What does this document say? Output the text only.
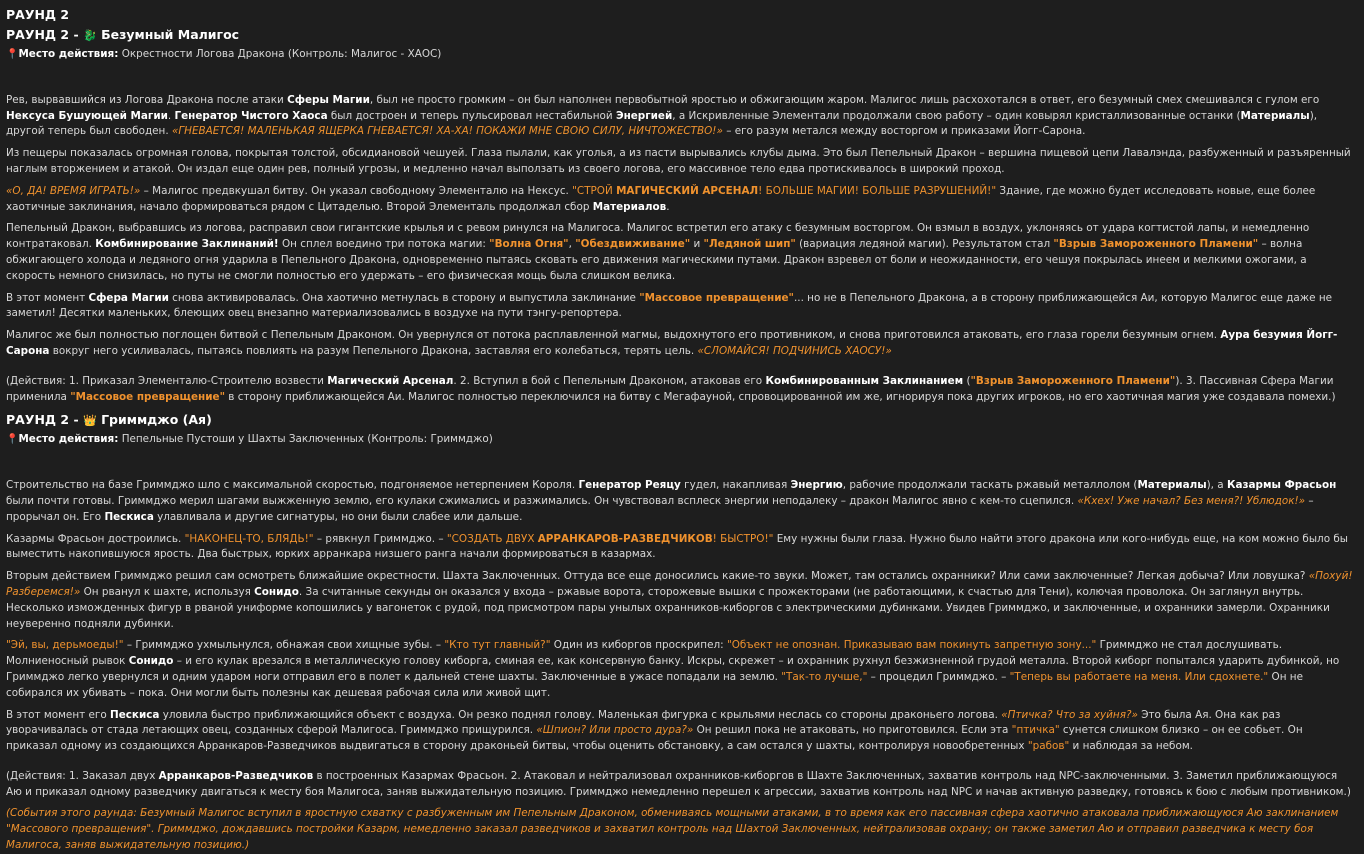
РАУНД 2
РАУНД 2 - 🐉 Безумный Малигос
📍Место действия: Окрестности Логова Дракона (Контроль: Малигос - ХАОС)

Рев, вырвавшийся из Логова Дракона после атаки Сферы Магии, был не просто громким – он был наполнен первобытной яростью и обжигающим жаром. Малигос лишь расхохотался в ответ, его безумный смех смешивался с гулом его Нексуса Бушующей Магии. Генератор Чистого Хаоса был достроен и теперь пульсировал нестабильной Энергией, а Искривленные Элементали продолжали свою работу – один ковырял кристаллизованные останки (Материалы), другой теперь был свободен. «ГНЕВАЕТСЯ! МАЛЕНЬКАЯ ЯЩЕРКА ГНЕВАЕТСЯ! ХА-ХА! ПОКАЖИ МНЕ СВОЮ СИЛУ, НИЧТОЖЕСТВО!» – его разум метался между восторгом и приказами Йогг-Сарона.

Из пещеры показалась огромная голова, покрытая толстой, обсидиановой чешуей. Глаза пылали, как уголья, а из пасти вырывались клубы дыма. Это был Пепельный Дракон – вершина пищевой цепи Лавалэнда, разбуженный и разъяренный наглым вторжением и атакой. Он издал еще один рев, полный угрозы, и медленно начал выползать из своего логова, его массивное тело едва протискивалось в широкий проход.

«О, ДА! ВРЕМЯ ИГРАТЬ!» – Малигос предвкушал битву. Он указал свободному Элементалю на Нексус. "СТРОЙ МАГИЧЕСКИЙ АРСЕНАЛ! БОЛЬШЕ МАГИИ! БОЛЬШЕ РАЗРУШЕНИЙ!" Здание, где можно будет исследовать новые, еще более хаотичные заклинания, начало формироваться рядом с Цитаделью. Второй Элементаль продолжал сбор Материалов.

Пепельный Дракон, выбравшись из логова, расправил свои гигантские крылья и с ревом ринулся на Малигоса. Малигос встретил его атаку с безумным восторгом. Он взмыл в воздух, уклоняясь от удара когтистой лапы, и немедленно контратаковал. Комбинирование Заклинаний! Он сплел воедино три потока магии: "Волна Огня", "Обездвиживание" и "Ледяной шип" (вариация ледяной магии). Результатом стал "Взрыв Замороженного Пламени" – волна обжигающего холода и ледяного огня ударила в Пепельного Дракона, одновременно пытаясь сковать его движения магическими путами. Дракон взревел от боли и неожиданности, его чешуя покрылась инеем и мелкими ожогами, а скорость немного снизилась, но путы не смогли полностью его удержать – его физическая мощь была слишком велика.

В этот момент Сфера Магии снова активировалась. Она хаотично метнулась в сторону и выпустила заклинание "Массовое превращение"... но не в Пепельного Дракона, а в сторону приближающейся Аи, которую Малигос еще даже не заметил! Десятки маленьких, блеющих овец внезапно материализовались в воздухе на пути тэнгу-репортера.

Малигос же был полностью поглощен битвой с Пепельным Драконом. Он увернулся от потока расплавленной магмы, выдохнутого его противником, и снова приготовился атаковать, его глаза горели безумным огнем. Аура безумия Йогг-Сарона вокруг него усиливалась, пытаясь повлиять на разум Пепельного Дракона, заставляя его колебаться, терять цель. «СЛОМАЙСЯ! ПОДЧИНИСЬ ХАОСУ!»

(Действия: 1. Приказал Элементалю-Строителю возвести Магический Арсенал. 2. Вступил в бой с Пепельным Драконом, атаковав его Комбинированным Заклинанием ("Взрыв Замороженного Пламени"). 3. Пассивная Сфера Магии применила "Массовое превращение" в сторону приближающейся Аи. Малигос полностью переключился на битву с Мегафауной, спровоцированной им же, игнорируя пока других игроков, но его хаотичная магия уже создавала помехи.)

РАУНД 2 - 👑 Гриммджо (Ая)
📍Место действия: Пепельные Пустоши у Шахты Заключенных (Контроль: Гриммджо)

Строительство на базе Гриммджо шло с максимальной скоростью, подгоняемое нетерпением Короля. Генератор Реяцу гудел, накапливая Энергию, рабочие продолжали таскать ржавый металлолом (Материалы), а Казармы Фрасьон были почти готовы. Гриммджо мерил шагами выжженную землю, его кулаки сжимались и разжимались. Он чувствовал всплеск энергии неподалеку – дракон Малигос явно с кем-то сцепился. «Кхех! Уже начал? Без меня?! Ублюдок!» – прорычал он. Его Пескиса улавливала и другие сигнатуры, но они были слабее или дальше.

Казармы Фрасьон достроились. "НАКОНЕЦ-ТО, БЛЯДЬ!" – рявкнул Гриммджо. – "СОЗДАТЬ ДВУХ АРРАНКАРОВ-РАЗВЕДЧИКОВ! БЫСТРО!" Ему нужны были глаза. Нужно было найти этого дракона или кого-нибудь еще, на ком можно было бы выместить накопившуюся ярость. Два быстрых, юрких арранкара низшего ранга начали формироваться в казармах.

Вторым действием Гриммджо решил сам осмотреть ближайшие окрестности. Шахта Заключенных. Оттуда все еще доносились какие-то звуки. Может, там остались охранники? Или сами заключенные? Легкая добыча? Или ловушка? «Похуй! Разберемся!» Он рванул к шахте, используя Сонидо. За считанные секунды он оказался у входа – ржавые ворота, сторожевые вышки с прожекторами (не работающими, к счастью для Тени), колючая проволока. Он заглянул внутрь. Несколько изможденных фигур в рваной униформе копошились у вагонеток с рудой, под присмотром пары унылых охранников-киборгов с электрическими дубинками. Увидев Гриммджо, и заключенные, и охранники замерли. Охранники неуверенно подняли дубинки.

"Эй, вы, дерьмоеды!" – Гриммджо ухмыльнулся, обнажая свои хищные зубы. – "Кто тут главный?" Один из киборгов проскрипел: "Объект не опознан. Приказываю вам покинуть запретную зону..." Гриммджо не стал дослушивать. Молниеносный рывок Сонидо – и его кулак врезался в металлическую голову киборга, сминая ее, как консервную банку. Искры, скрежет – и охранник рухнул безжизненной грудой металла. Второй киборг попытался ударить дубинкой, но Гриммджо легко увернулся и одним ударом ноги отправил его в полет к дальней стене шахты. Заключенные в ужасе попадали на землю. "Так-то лучше," – процедил Гриммджо. – "Теперь вы работаете на меня. Или сдохнете." Он не собирался их убивать – пока. Они могли быть полезны как дешевая рабочая сила или живой щит.

В этот момент его Пескиса уловила быстро приближающийся объект с воздуха. Он резко поднял голову. Маленькая фигурка с крыльями неслась со стороны драконьего логова. «Птичка? Что за хуйня?» Это была Ая. Она как раз уворачивалась от стада летающих овец, созданных сферой Малигоса. Гриммджо прищурился. «Шпион? Или просто дура?» Он решил пока не атаковать, но приготовился. Если эта "птичка" сунется слишком близко – он ее собьет. Он приказал одному из создающихся Арранкаров-Разведчиков выдвигаться в сторону драконьей битвы, чтобы оценить обстановку, а сам остался у шахты, контролируя новообретенных "рабов" и наблюдая за небом.

(Действия: 1. Заказал двух Арранкаров-Разведчиков в построенных Казармах Фрасьон. 2. Атаковал и нейтрализовал охранников-киборгов в Шахте Заключенных, захватив контроль над NPC-заключенными. 3. Заметил приближающуюся Аю и приказал одному разведчику двигаться к месту боя Малигоса, заняв выжидательную позицию. Гриммджо немедленно перешел к агрессии, захватив контроль над NPC и начав активную разведку, готовясь к бою с любым противником.)

(События этого раунда: Безумный Малигос вступил в яростную схватку с разбуженным им Пепельным Драконом, обмениваясь мощными атаками, в то время как его пассивная сфера хаотично атаковала приближающуюся Аю заклинанием "Массового превращения". Гриммджо, дождавшись постройки Казарм, немедленно заказал разведчиков и захватил контроль над Шахтой Заключенных, нейтрализовав охрану; он также заметил Аю и отправил разведчика к месту боя Малигоса, заняв выжидательную позицию.)
